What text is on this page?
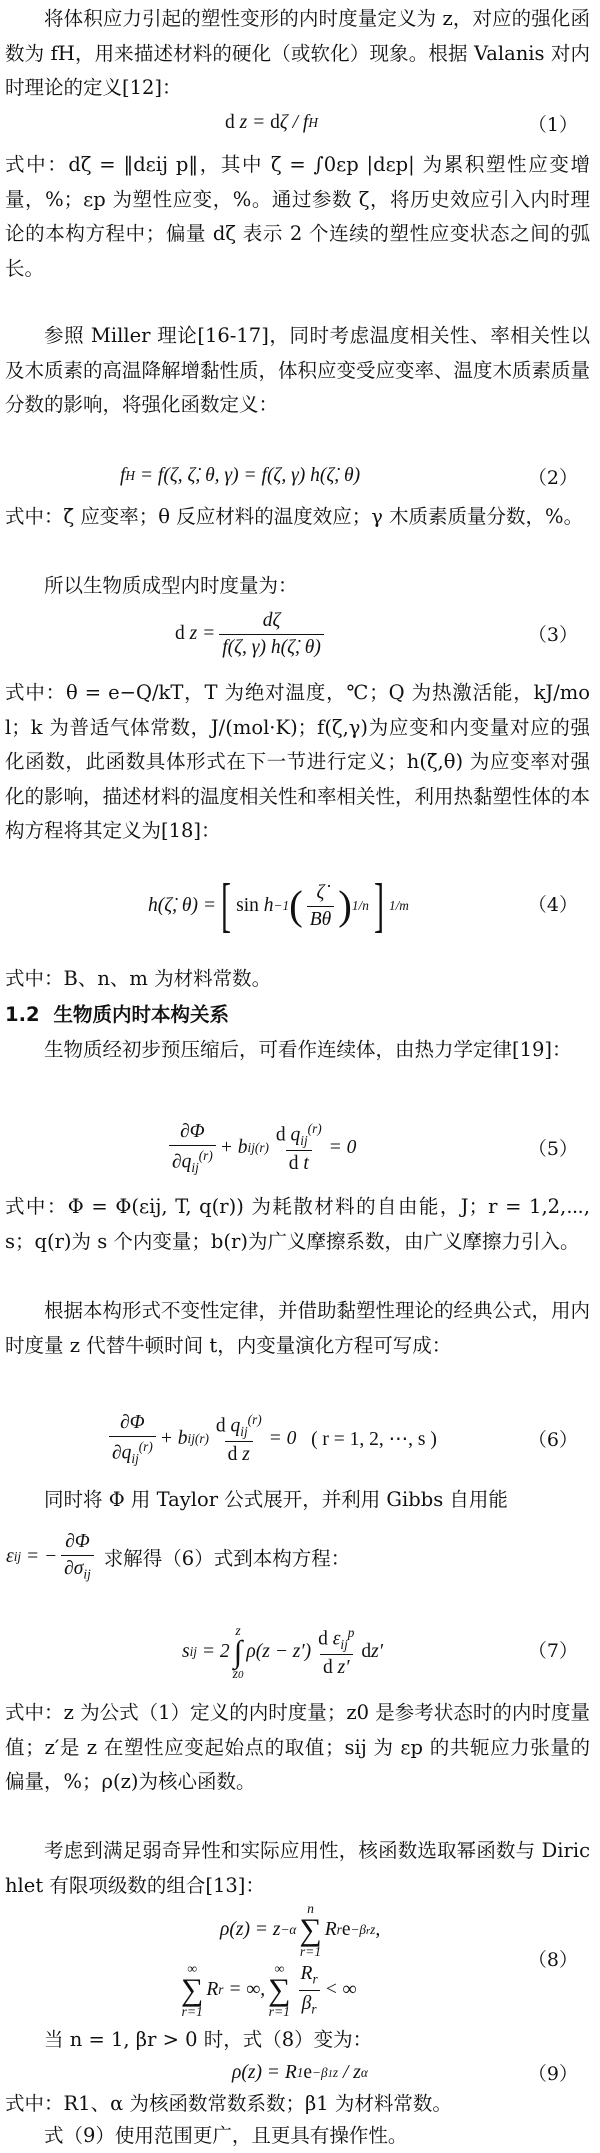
将体积应力引起的塑性变形的内时度量定义为 z，对应的强化函数为 fH，用来描述材料的硬化（或软化）现象。根据 Valanis 对内时理论的定义[12]：

d z = d ζ / f H	（1）

式中：dζ = ‖dεij p‖，其中 ζ = ∫0εp |dεp| 为累积塑性应变增量，%；εp 为塑性应变，%。通过参数 ζ，将历史效应引入内时理论的本构方程中；偏量 dζ 表示 2 个连续的塑性应变状态之间的弧长。

参照 Miller 理论[16-17]，同时考虑温度相关性、率相关性以及木质素的高温降解增黏性质，体积应变受应变率、温度木质素质量分数的影响，将强化函数定义：

f H = f(ζ, ζ̇, θ, γ) = f(ζ, γ) h(ζ̇, θ)	（2）

式中：ζ̇ 应变率；θ 反应材料的温度效应；γ 木质素质量分数，%。

所以生物质成型内时度量为：

d $z = \frac{d\zeta}{f(\zeta, \gamma) h(\zetȧ, \theta)}$	（3）

式中：θ = e−Q/kT，T 为绝对温度，℃；Q 为热激活能，kJ/mol；k 为普适气体常数，J/(mol·K)；f(ζ,γ)为应变和内变量对应的强化函数，此函数具体形式在下一节进行定义；h(ζ̇,θ) 为应变率对强化的影响，描述材料的温度相关性和率相关性，利用热黏塑性体的本构方程将其定义为[18]：

h(ζ̇, θ) = [ sin h −1 ( $\frac{\zetȧ}{B\theta}$ ) 1/n ] 1/m	（4）

式中：B、n、m 为材料常数。

1.2 生物质内时本构关系

生物质经初步预压缩后，可看作连续体，由热力学定律[19]：

$\frac{\partial\Phi}{\partial q_{ij}^{(r)}} + b$ ij $(r) \frac{d q_{ij}^{(r)}}{\text{d t}} = 0$	（5）

式中：Φ = Φ(εij, T, q(r)) 为耗散材料的自由能，J；r = 1,2,⋯,s；q(r)为 s 个内变量；b(r)为广义摩擦系数，由广义摩擦力引入。

根据本构形式不变性定律，并借助黏塑性理论的经典公式，用内时度量 z 代替牛顿时间 t，内变量演化方程可写成：

$\frac{\partial\Phi}{\partial q_{ij}^{(r)}} + b$ ij $(r) \frac{d q_{ij}^{(r)}}{\text{d z}} = 0$ ( r = 1, 2, ⋯, s )	（6）

同时将 Φ 用 Taylor 公式展开，并利用 Gibbs 自用能

ε ij = − $\frac{\partial\Phi}{\partial\sigma_{ij}}$ 求解得（6）式到本构方程：
s ij = 2
z
∫
z0
$\rho(z - z') \frac{d \varepsilon_{ij}^p}{\text{d z′}}$ d z′	（7）

式中：z 为公式（1）定义的内时度量；z0 是参考状态时的内时度量值；z′是 z 在塑性应变起始点的取值；sij 为 εp 的共轭应力张量的偏量，%；ρ(z)为核心函数。

考虑到满足弱奇异性和实际应用性，核函数选取幂函数与 Dirichlet 有限项级数的组合[13]：
ρ(z) = z −α
n
∑
r=1
R r e −βrz ,
∞
∑
r=1
R r = ∞,
∞
∑
$r=1 \frac{R_r}{\beta_r}$ < ∞
（8）

当 n = 1, βr > 0 时，式（8）变为：

ρ(z) = R 1 e −β1z / z α	（9）

式中：R1、α 为核函数常数系数；β1 为材料常数。

式（9）使用范围更广，且更具有操作性。
